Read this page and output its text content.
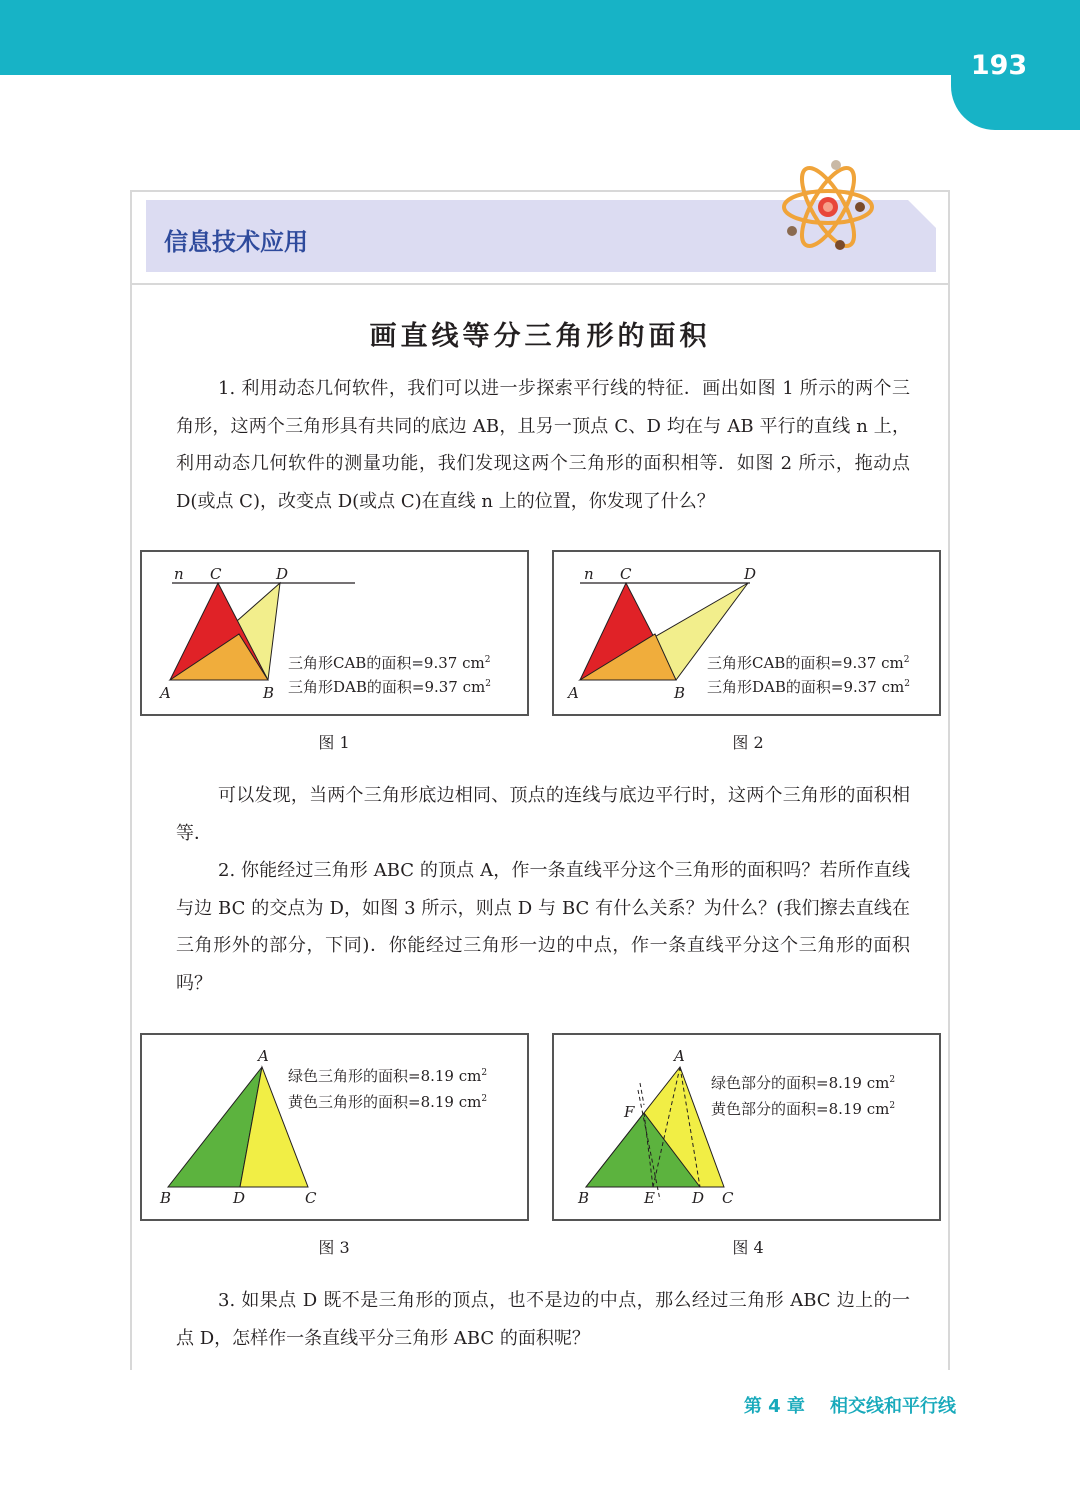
193
信息技术应用
画直线等分三角形的面积
1. 利用动态几何软件，我们可以进一步探索平行线的特征．画出如图 1 所示的两个三角形，这两个三角形具有共同的底边 AB，且另一顶点 C、D 均在与 AB 平行的直线 n 上，利用动态几何软件的测量功能，我们发现这两个三角形的面积相等．如图 2 所示，拖动点 D(或点 C)，改变点 D(或点 C)在直线 n 上的位置，你发现了什么？
n C	D
A	B
三角形CAB的面积=9.37 $cm^2$
三角形DAB的面积=9.37 $cm^2$
图 1
n C	D
A	B
三角形CAB的面积=9.37 $cm^2$
三角形DAB的面积=9.37 $cm^2$
图 2
可以发现，当两个三角形底边相同、顶点的连线与底边平行时，这两个三角形的面积相等．
2. 你能经过三角形 ABC 的顶点 A，作一条直线平分这个三角形的面积吗？若所作直线与边 BC 的交点为 D，如图 3 所示，则点 D 与 BC 有什么关系？为什么？(我们擦去直线在三角形外的部分，下同)．你能经过三角形一边的中点，作一条直线平分这个三角形的面积吗？
A
B	D	C
绿色三角形的面积=8.19 $cm^2$
黄色三角形的面积=8.19 $cm^2$
图 3
A
F
B	E D C
绿色部分的面积=8.19 $cm^2$
黄色部分的面积=8.19 $cm^2$
图 4
3. 如果点 D 既不是三角形的顶点，也不是边的中点，那么经过三角形 ABC 边上的一点 D，怎样作一条直线平分三角形 ABC 的面积呢？
第 4 章 相交线和平行线
